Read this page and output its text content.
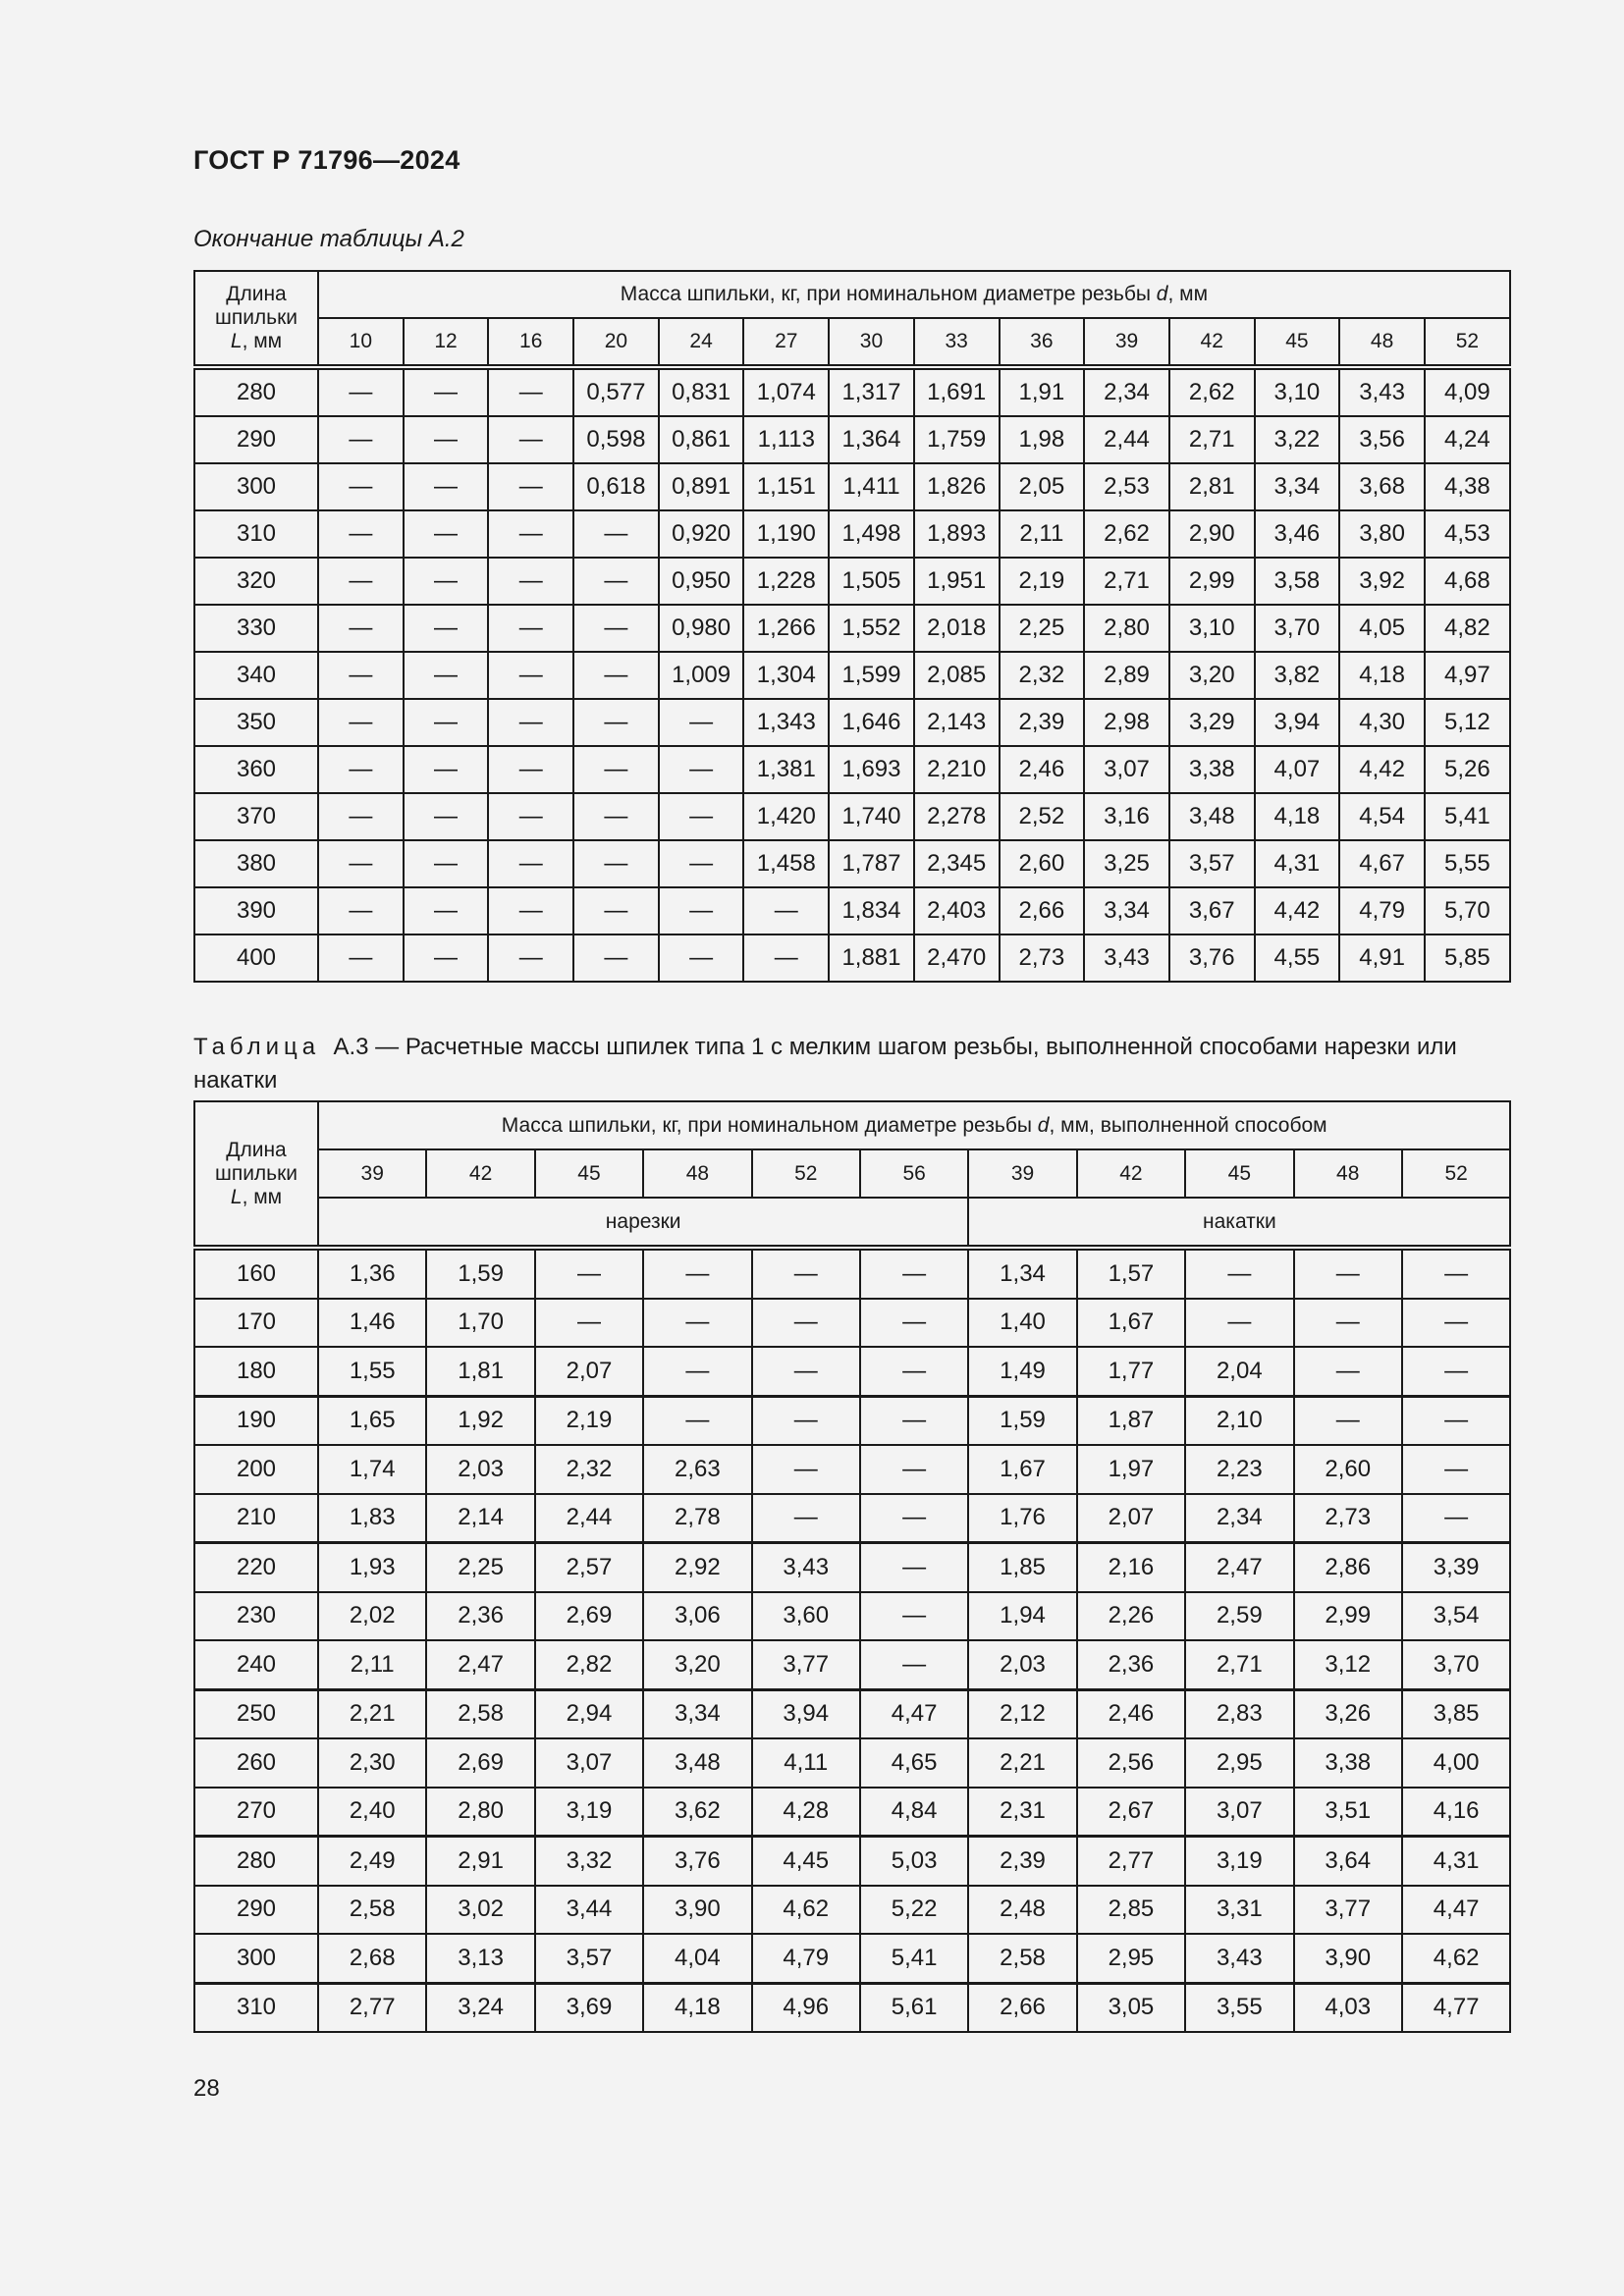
ГОСТ Р 71796—2024
Окончание таблицы А.2
Длина
шпильки
L, мм	Масса шпильки, кг, при номинальном диаметре резьбы d, мм													
	10	12	16	20	24	27	30	33	36	39	42	45	48	52
280	—	—	—	0,577	0,831	1,074	1,317	1,691	1,91	2,34	2,62	3,10	3,43	4,09
290	—	—	—	0,598	0,861	1,113	1,364	1,759	1,98	2,44	2,71	3,22	3,56	4,24
300	—	—	—	0,618	0,891	1,151	1,411	1,826	2,05	2,53	2,81	3,34	3,68	4,38
310	—	—	—	—	0,920	1,190	1,498	1,893	2,11	2,62	2,90	3,46	3,80	4,53
320	—	—	—	—	0,950	1,228	1,505	1,951	2,19	2,71	2,99	3,58	3,92	4,68
330	—	—	—	—	0,980	1,266	1,552	2,018	2,25	2,80	3,10	3,70	4,05	4,82
340	—	—	—	—	1,009	1,304	1,599	2,085	2,32	2,89	3,20	3,82	4,18	4,97
350	—	—	—	—	—	1,343	1,646	2,143	2,39	2,98	3,29	3,94	4,30	5,12
360	—	—	—	—	—	1,381	1,693	2,210	2,46	3,07	3,38	4,07	4,42	5,26
370	—	—	—	—	—	1,420	1,740	2,278	2,52	3,16	3,48	4,18	4,54	5,41
380	—	—	—	—	—	1,458	1,787	2,345	2,60	3,25	3,57	4,31	4,67	5,55
390	—	—	—	—	—	—	1,834	2,403	2,66	3,34	3,67	4,42	4,79	5,70
400	—	—	—	—	—	—	1,881	2,470	2,73	3,43	3,76	4,55	4,91	5,85
Таблица А.3 — Расчетные массы шпилек типа 1 с мелким шагом резьбы, выполненной способами нарезки или накатки
Длина
шпильки
L, мм	Масса шпильки, кг, при номинальном диаметре резьбы d, мм, выполненной способом										
	39	42	45	48	52	56	39	42	45	48	52
	нарезки						накатки				
160	1,36	1,59	—	—	—	—	1,34	1,57	—	—	—
170	1,46	1,70	—	—	—	—	1,40	1,67	—	—	—
180	1,55	1,81	2,07	—	—	—	1,49	1,77	2,04	—	—
190	1,65	1,92	2,19	—	—	—	1,59	1,87	2,10	—	—
200	1,74	2,03	2,32	2,63	—	—	1,67	1,97	2,23	2,60	—
210	1,83	2,14	2,44	2,78	—	—	1,76	2,07	2,34	2,73	—
220	1,93	2,25	2,57	2,92	3,43	—	1,85	2,16	2,47	2,86	3,39
230	2,02	2,36	2,69	3,06	3,60	—	1,94	2,26	2,59	2,99	3,54
240	2,11	2,47	2,82	3,20	3,77	—	2,03	2,36	2,71	3,12	3,70
250	2,21	2,58	2,94	3,34	3,94	4,47	2,12	2,46	2,83	3,26	3,85
260	2,30	2,69	3,07	3,48	4,11	4,65	2,21	2,56	2,95	3,38	4,00
270	2,40	2,80	3,19	3,62	4,28	4,84	2,31	2,67	3,07	3,51	4,16
280	2,49	2,91	3,32	3,76	4,45	5,03	2,39	2,77	3,19	3,64	4,31
290	2,58	3,02	3,44	3,90	4,62	5,22	2,48	2,85	3,31	3,77	4,47
300	2,68	3,13	3,57	4,04	4,79	5,41	2,58	2,95	3,43	3,90	4,62
310	2,77	3,24	3,69	4,18	4,96	5,61	2,66	3,05	3,55	4,03	4,77
28
